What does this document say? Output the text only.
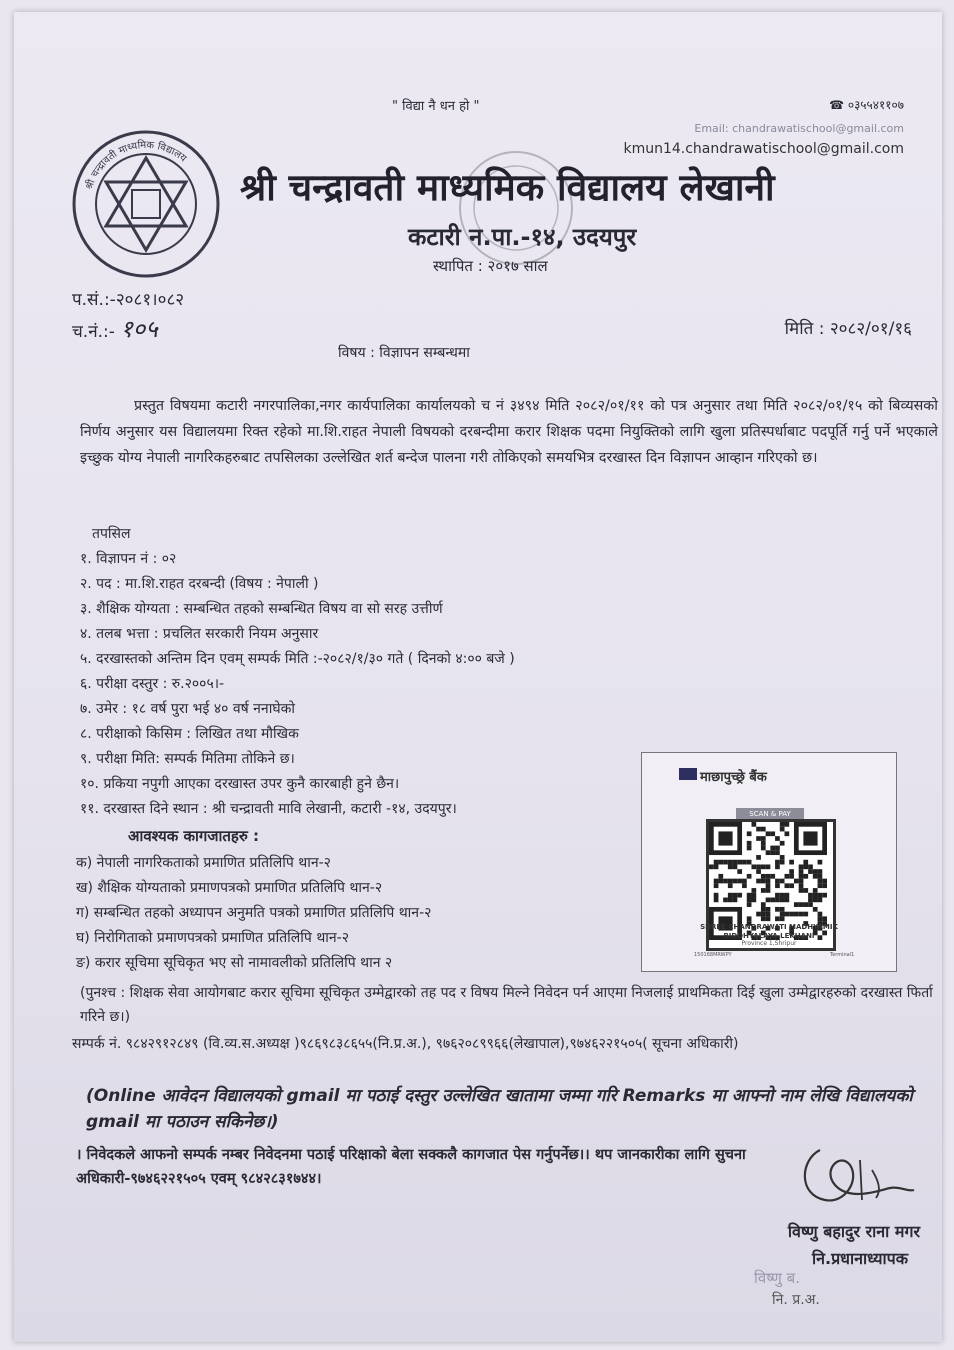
श्री चन्द्रावती माध्यमिक विद्यालय
" विद्या नै धन हो "	☎ ०३५५४११०७
Email: chandrawatischool@gmail.com
kmun14.chandrawatischool@gmail.com
श्री चन्द्रावती माध्यमिक विद्यालय लेखानी
कटारी न.पा.-१४, उदयपुर
स्थापित : २०१७ साल
प.सं.:-२०८१।०८२
च.नं.:- १०५	मिति : २०८२/०१/१६
विषय : विज्ञापन सम्बन्धमा
प्रस्तुत विषयमा कटारी नगरपालिका,नगर कार्यपालिका कार्यालयको च नं ३४९४ मिति २०८२/०१/११ को पत्र अनुसार तथा मिति २०८२/०१/१५ को बिव्यसको निर्णय अनुसार यस विद्यालयमा रिक्त रहेको मा.शि.राहत नेपाली विषयको दरबन्दीमा करार शिक्षक पदमा नियुक्तिको लागि खुला प्रतिस्पर्धाबाट पदपूर्ति गर्नु पर्ने भएकाले इच्छुक योग्य नेपाली नागरिकहरुबाट तपसिलका उल्लेखित शर्त बन्देज पालना गरी तोकिएको समयभित्र दरखास्त दिन विज्ञापन आव्हान गरिएको छ।
तपसिल
१. विज्ञापन नं : ०२
२. पद : मा.शि.राहत दरबन्दी (विषय : नेपाली )
३. शैक्षिक योग्यता : सम्बन्धित तहको सम्बन्धित विषय वा सो सरह उत्तीर्ण
४. तलब भत्ता : प्रचलित सरकारी नियम अनुसार
५. दरखास्तको अन्तिम दिन एवम् सम्पर्क मिति :-२०८२/१/३० गते ( दिनको ४:०० बजे )
६. परीक्षा दस्तुर : रु.२००५।-
७. उमेर : १८ वर्ष पुरा भई ४० वर्ष ननाघेको
८. परीक्षाको किसिम : लिखित तथा मौखिक
९. परीक्षा मिति: सम्पर्क मितिमा तोकिने छ।
१०. प्रकिया नपुगी आएका दरखास्त उपर कुनै कारबाही हुने छैन।
११. दरखास्त दिने स्थान : श्री चन्द्रावती मावि लेखानी, कटारी -१४, उदयपुर।
आवश्यक कागजातहरु :
क) नेपाली नागरिकताको प्रमाणित प्रतिलिपि थान-२
ख) शैक्षिक योग्यताको प्रमाणपत्रको प्रमाणित प्रतिलिपि थान-२
ग) सम्बन्धित तहको अध्यापन अनुमति पत्रको प्रमाणित प्रतिलिपि थान-२
घ) निरोगिताको प्रमाणपत्रको प्रमाणित प्रतिलिपि थान-२
ङ) करार सूचिमा सूचिकृत भए सो नामावलीको प्रतिलिपि थान २
माछापुच्छ्रे बैंक
SCAN & PAY
SHREE CHANDRAWATI MADHYAMIK
BIDDHYALAYA LEKHANI
Province 1,Shripur
150168MRWPY	Terminal1
(पुनश्च : शिक्षक सेवा आयोगबाट करार सूचिमा सूचिकृत उम्मेद्वारको तह पद र विषय मिल्ने निवेदन पर्न आएमा निजलाई प्राथमिकता दिई खुला उम्मेद्वारहरुको दरखास्त फिर्ता गरिने छ।)
सम्पर्क नं. ९८४२९१२८४९ (वि.व्य.स.अध्यक्ष )९८६९८३८६५५(नि.प्र.अ.), ९७६२०८९९६६(लेखापाल),९७४६२२१५०५( सूचना अधिकारी)
(Online आवेदन विद्यालयको gmail मा पठाई दस्तुर उल्लेखित खातामा जम्मा गरि Remarks मा आफ्नो नाम लेखि विद्यालयको gmail मा पठाउन सकिनेछ।)
। निवेदकले आफनो सम्पर्क नम्बर निवेदनमा पठाई परिक्षाको बेला सक्कलै कागजात पेस गर्नुपर्नेछ।। थप जानकारीका लागि सुचना अधिकारी-९७४६२२१५०५ एवम् ९८४२८३१७४४।
विष्णु बहादुर राना मगर
नि.प्रधानाध्यापक
विष्णु ब.
नि. प्र.अ.
